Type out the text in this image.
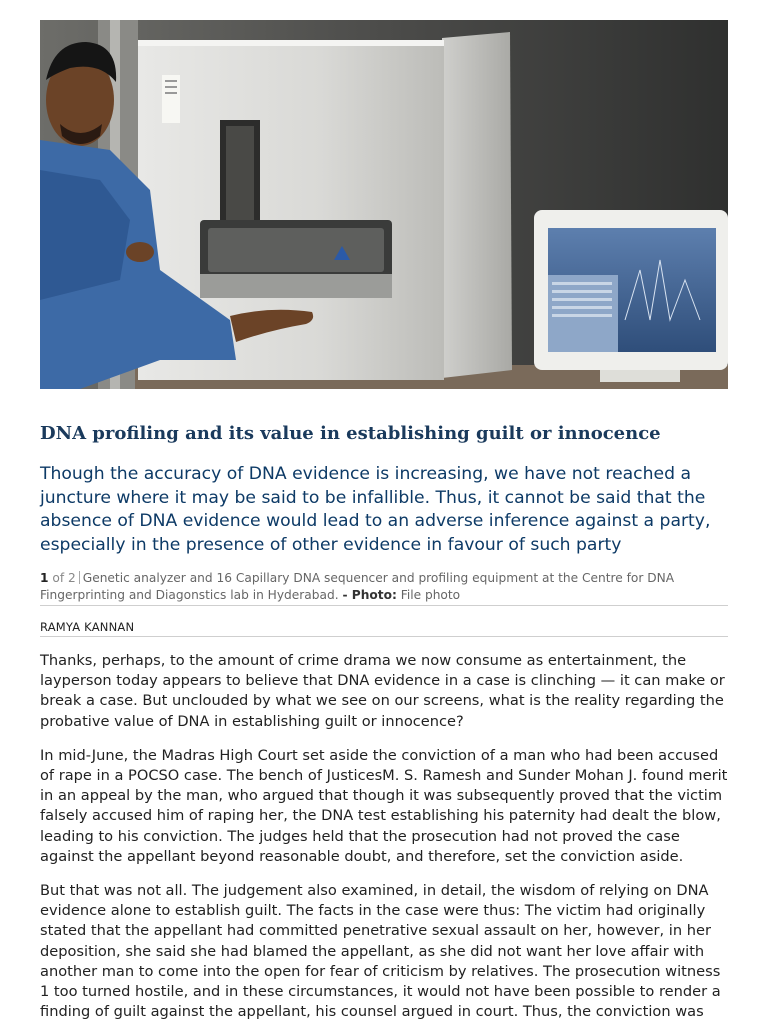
DNA profiling and its value in establishing guilt or innocence

Though the accuracy of DNA evidence is increasing, we have not reached a juncture where it may be said to be infallible. Thus, it cannot be said that the absence of DNA evidence would lead to an adverse inference against a party, especially in the presence of other evidence in favour of such party

1 of 2 Genetic analyzer and 16 Capillary DNA sequencer and profiling equipment at the Centre for DNA Fingerprinting and Diagonstics lab in Hyderabad. - Photo: File photo
RAMYA KANNAN

Thanks, perhaps, to the amount of crime drama we now consume as entertainment, the layperson today appears to believe that DNA evidence in a case is clinching — it can make or break a case. But unclouded by what we see on our screens, what is the reality regarding the probative value of DNA in establishing guilt or innocence?

In mid-June, the Madras High Court set aside the conviction of a man who had been accused of rape in a POCSO case. The bench of JusticesM. S. Ramesh and Sunder Mohan J. found merit in an appeal by the man, who argued that though it was subsequently proved that the victim falsely accused him of raping her, the DNA test establishing his paternity had dealt the blow, leading to his conviction. The judges held that the prosecution had not proved the case against the appellant beyond reasonable doubt, and therefore, set the conviction aside.

But that was not all. The judgement also examined, in detail, the wisdom of relying on DNA evidence alone to establish guilt. The facts in the case were thus: The victim had originally stated that the appellant had committed penetrative sexual assault on her, however, in her deposition, she said she had blamed the appellant, as she did not want her love affair with another man to come into the open for fear of criticism by relatives. The prosecution witness 1 too turned hostile, and in these circumstances, it would not have been possible to render a finding of guilt against the appellant, his counsel argued in court. Thus, the conviction was
